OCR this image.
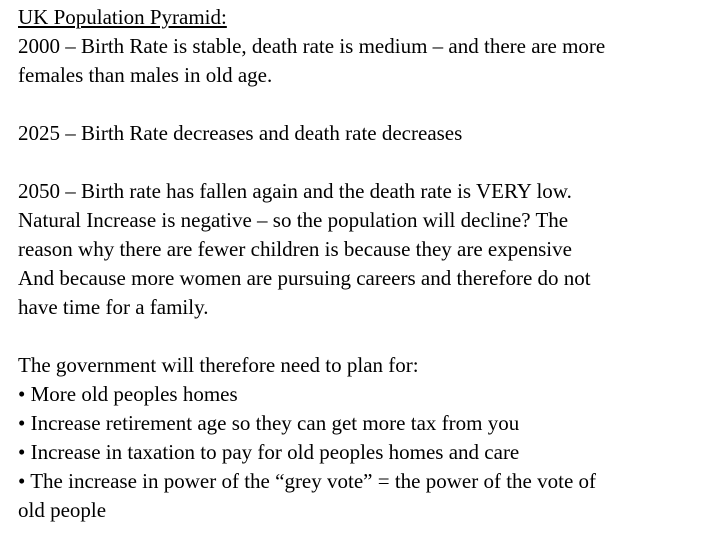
UK Population Pyramid:
2000 – Birth Rate is stable, death rate is medium – and there are more
females than males in old age.
2025 – Birth Rate decreases and death rate decreases
2050 – Birth rate has fallen again and the death rate is VERY low.
Natural Increase is negative – so the population will decline? The
reason why there are fewer children is because they are expensive
And because more women are pursuing careers and therefore do not
have time for a family.
The government will therefore need to plan for:
• More old peoples homes
• Increase retirement age so they can get more tax from you
• Increase in taxation to pay for old peoples homes and care
• The increase in power of the “grey vote” = the power of the vote of
old people
